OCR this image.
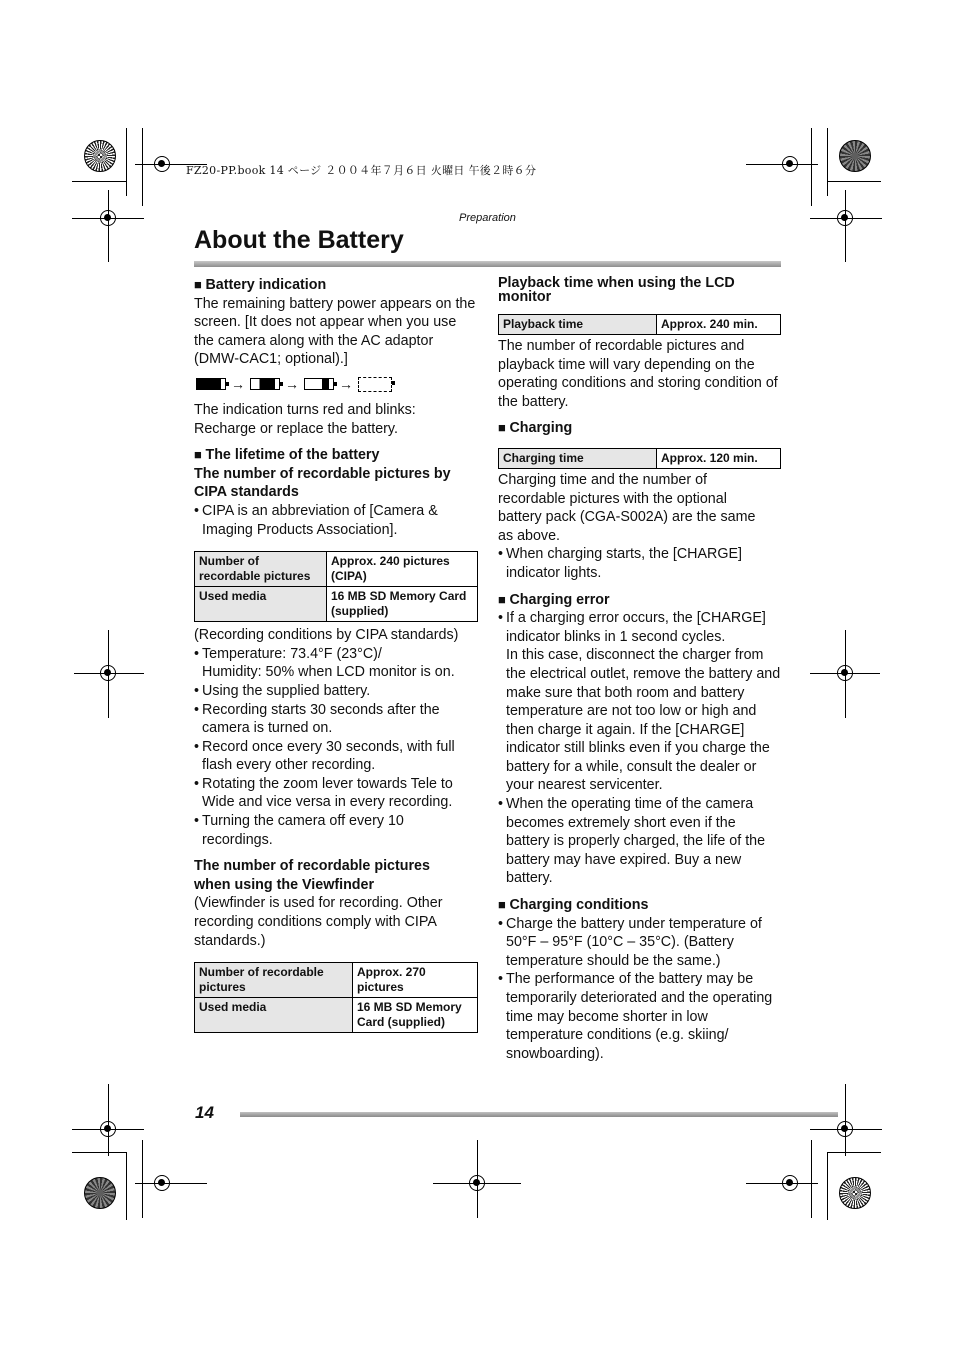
FZ20-PP.book 14 ページ ２００４年７月６日 火曜日 午後２時６分
Preparation
About the Battery

■ Battery indication

The remaining battery power appears on the screen. [It does not appear when you use the camera along with the AC adaptor (DMW-CAC1; optional).]

→	→	→

The indication turns red and blinks: Recharge or replace the battery.

■ The lifetime of the battery

The number of recordable pictures by CIPA standards

• CIPA is an abbreviation of [Camera & Imaging Products Association].

Number of recordable pictures	Approx. 240 pictures (CIPA)
Used media	16 MB SD Memory Card (supplied)

(Recording conditions by CIPA standards)

• Temperature: 73.4°F (23°C)/

Humidity: 50% when LCD monitor is on.

• Using the supplied battery.

• Recording starts 30 seconds after the camera is turned on.

• Record once every 30 seconds, with full flash every other recording.

• Rotating the zoom lever towards Tele to Wide and vice versa in every recording.

• Turning the camera off every 10 recordings.

The number of recordable pictures when using the Viewfinder

(Viewfinder is used for recording. Other recording conditions comply with CIPA standards.)

Number of recordable pictures	Approx. 270 pictures
Used media	16 MB SD Memory Card (supplied)

Playback time when using the LCD monitor

Playback time	Approx. 240 min.

The number of recordable pictures and playback time will vary depending on the operating conditions and storing condition of the battery.

■ Charging

Charging time	Approx. 120 min.

Charging time and the number of recordable pictures with the optional battery pack (CGA-S002A) are the same as above.

• When charging starts, the [CHARGE] indicator lights.

■ Charging error

• If a charging error occurs, the [CHARGE] indicator blinks in 1 second cycles.

In this case, disconnect the charger from the electrical outlet, remove the battery and make sure that both room and battery temperature are not too low or high and then charge it again. If the [CHARGE] indicator still blinks even if you charge the battery for a while, consult the dealer or your nearest servicenter.

• When the operating time of the camera becomes extremely short even if the battery is properly charged, the life of the battery may have expired. Buy a new battery.

■ Charging conditions

• Charge the battery under temperature of 50°F – 95°F (10°C – 35°C). (Battery temperature should be the same.)

• The performance of the battery may be temporarily deteriorated and the operating time may become shorter in low temperature conditions (e.g. skiing/ snowboarding).

14
